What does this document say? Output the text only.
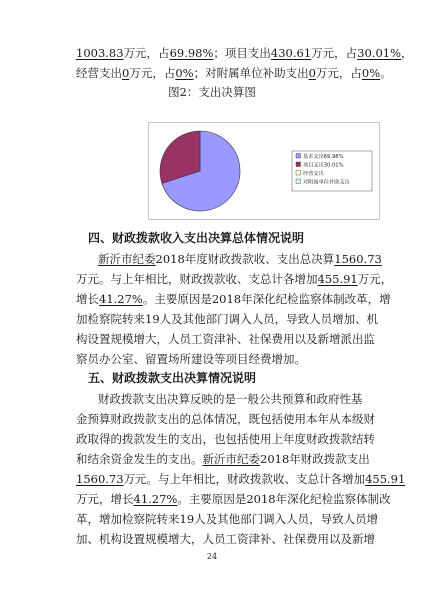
1003.83万元，占69.98%；项目支出430.61万元，占30.01%，
经营支出0万元，占0%；对附属单位补助支出0万元，占0%。
图2：支出决算图
基本支出69.98%
项目支出30.01%
经营支出
对附属单位补助支出
四、财政拨款收入支出决算总体情况说明
新沂市纪委2018年度财政拨款收、支出总决算1560.73
万元。与上年相比，财政拨款收、支总计各增加455.91万元，
增长41.27%。主要原因是2018年深化纪检监察体制改革，增
加检察院转来19人及其他部门调入人员，导致人员增加、机
构设置规模增大，人员工资津补、社保费用以及新增派出监
察员办公室、留置场所建设等项目经费增加。
五、财政拨款支出决算情况说明
财政拨款支出决算反映的是一般公共预算和政府性基
金预算财政拨款支出的总体情况，既包括使用本年从本级财
政取得的拨款发生的支出，也包括使用上年度财政拨款结转
和结余资金发生的支出。新沂市纪委2018年财政拨款支出
1560.73万元。与上年相比，财政拨款收、支总计各增加455.91
万元，增长41.27%。主要原因是2018年深化纪检监察体制改
革，增加检察院转来19人及其他部门调入人员，导致人员增
加、机构设置规模增大，人员工资津补、社保费用以及新增
24
